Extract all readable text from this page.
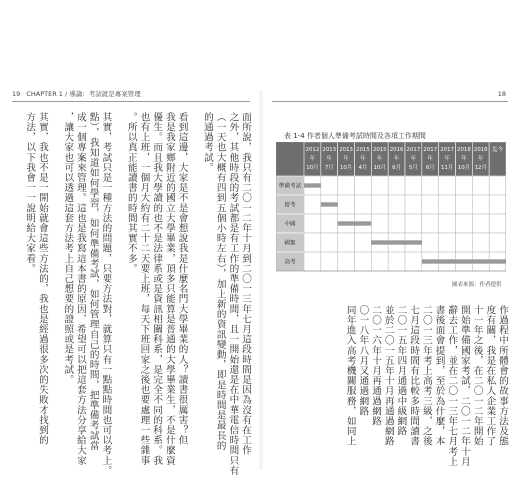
19 CHAPTER 1 / 導論：考試就是專案管理	18
面所說，我只有二〇一二年十月到二〇一三年七月這段時間是因為沒有在工作
之外，其他時段的考試都是有工作的準備時間，且一開始還是在中華電信時間只有
（一天也大概有四到五個小時左右），加上新的資訊變動，即是時間是最長的
的通過考試。
看到這邊，大家是不是會想說我是什麼名門大學畢業的人？讀書很厲害？但
我是我家鄉附近的國立大學畢業，頂多只能算是普通的大學畢業生，不是什麼資
優生。而且我大學讀的也不是法律系或是資訊相關科系，是完全不同的科系。我
也有上班，一個月大約有二十二天要上班，每天下班回家之後也要處理一些雜事
。所以真正能讀書的時間其實不多。
其實，考試只是一種方法的問題，只要方法對，就算只有一點點時間也可以考上。
點），我知道如何學習，如何準備考試，如何管理自己的時間，把準備考試當
成一個專案來管理。這也是我寫這本書的原因，希望可以把這套方法分享給大家
，讓大家也可以透過這套方法考上自己想要的證照或是考試。
其實，我也不是一開始就會這些方法的，我也是經過很多次的失敗才找到的
方法，以下我會一一說明給大家看。
作過程中所體會的故事方法及態
度有關，我是在私人企業工作了
十一年之後，在二〇一二年開始
開始準備國家考試，二〇一二年十月
辭去工作，並在二〇一三年七月考上
書後面會提到，至於為什麼，本
二〇一三年考上高考三級，之後
七月這段時間有比較多時間讀書
二〇一五年四月通過中級網路
並於二〇一五年十月再通過網路
二〇一六年十月再通過網路
〇一八年八月又通過網路
同年進入高考機關服務，如同上
表 1-4 作者個人準備考試時間及各項工作期間
2012
年
10月
2013
年
7月
2013
年
10月
2015
年
4月
2015
年
10月
2016
年
6月
2017
年
5月
2017
年
6月
2017
年
11月
2018
年
10月
2018
年
12月
迄今
準備考試
留考
中國
國審
高考
圖表來源：作者提供
